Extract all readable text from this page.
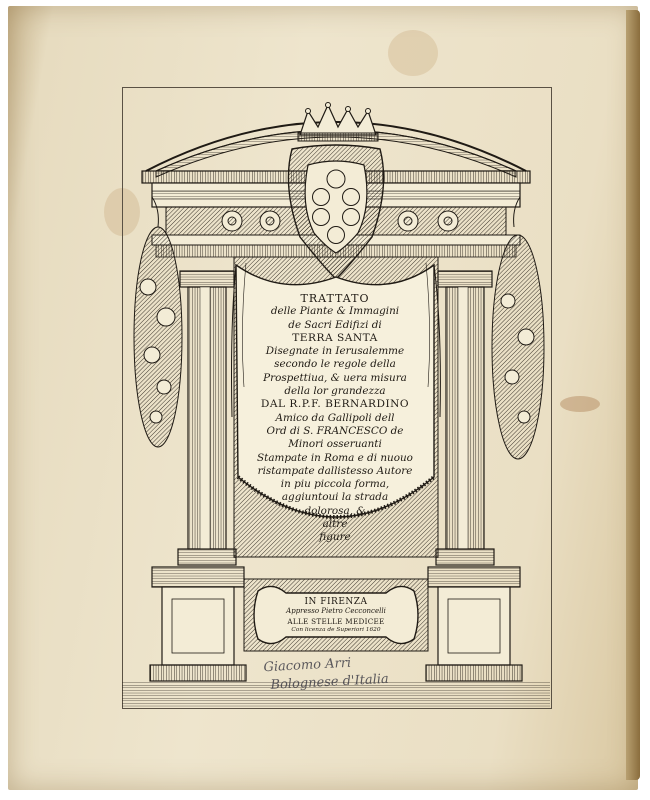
TRATTATO
delle Piante & Immagini
de Sacri Edifizi di
TERRA SANTA
Disegnate in Ierusalemme
secondo le regole della
Prospettiua, & uera misura
della lor grandezza
DAL R.P.F. BERNARDINO
Amico da Gallipoli dell
Ord di S. FRANCESCO de
Minori osseruanti
Stampate in Roma e di nuouo
ristampate dallistesso Autore
in piu piccola forma,
aggiuntoui la strada
dolorosa, &
altre
figure
IN FIRENZA
Appresso Pietro Cecconcelli
ALLE STELLE MEDICEE
Con licenza de Superiori 1620
Giacomo Arri
Bolognese d'Italia
